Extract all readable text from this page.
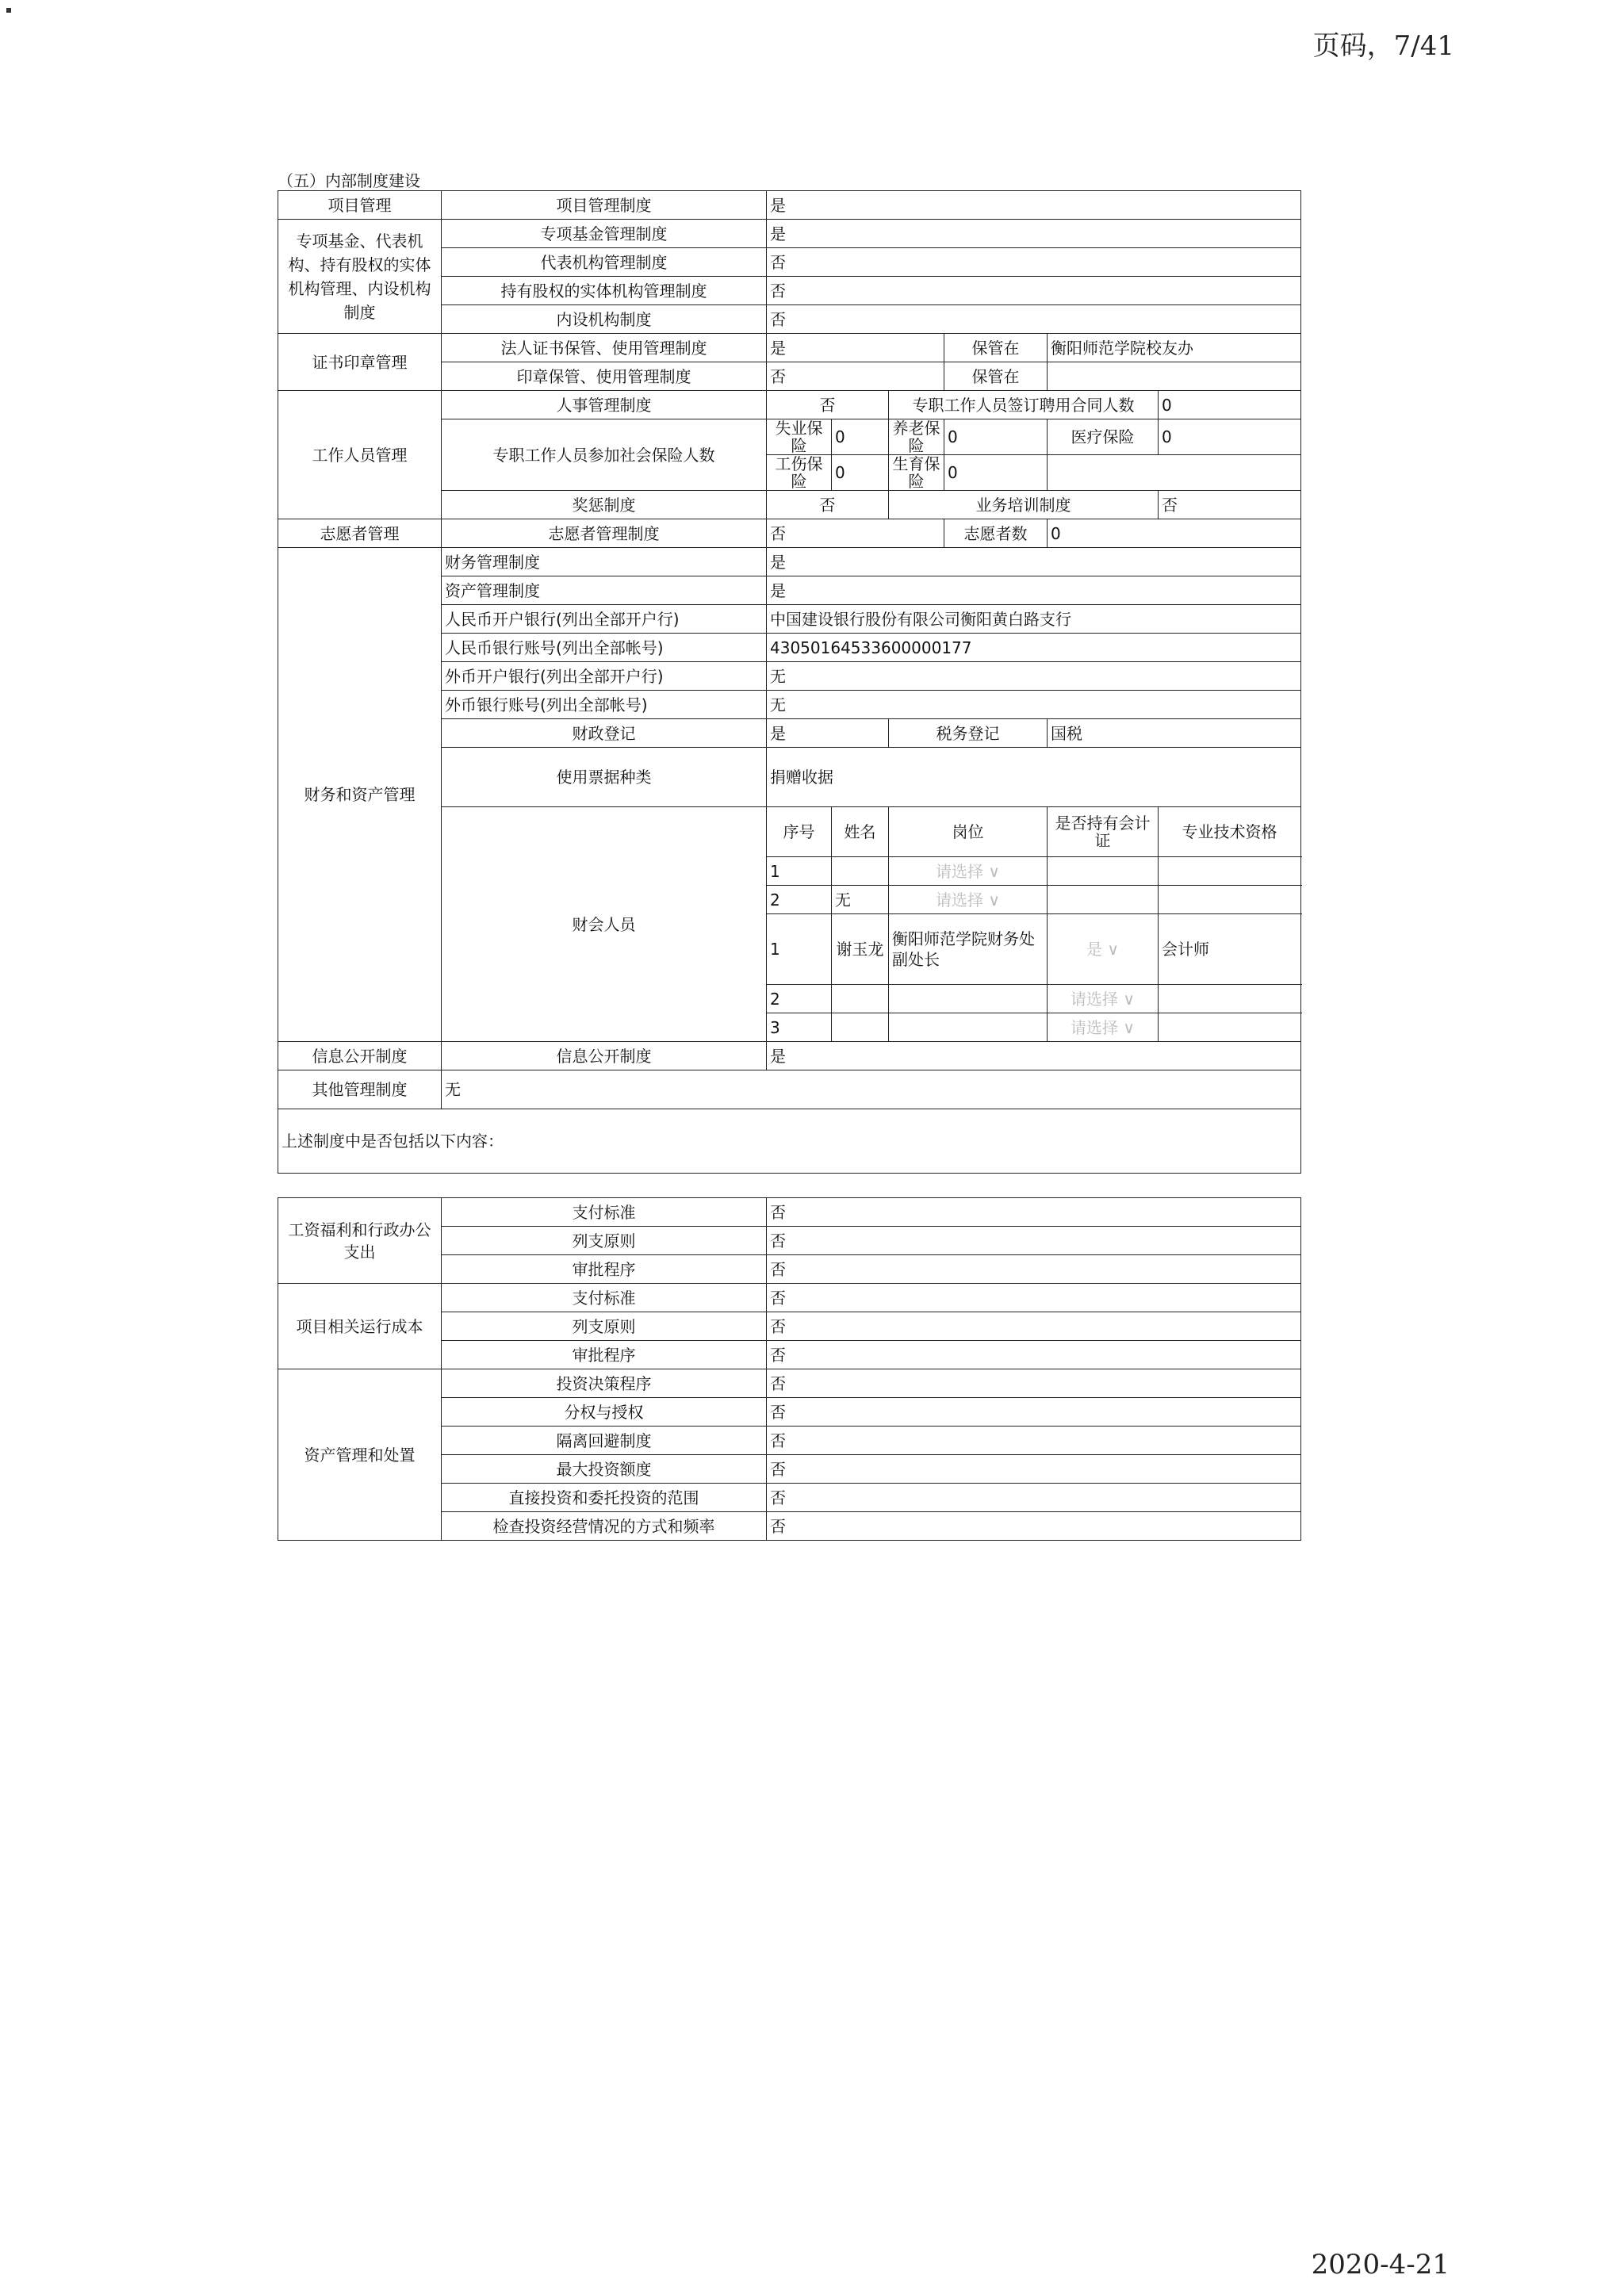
页码，7/41
（五）内部制度建设
项目管理	项目管理制度	是					
专项基金、代表机构、持有股权的实体机构管理、内设机构制度	专项基金管理制度	是					
	代表机构管理制度	否					
	持有股权的实体机构管理制度	否					
	内设机构制度	否					
证书印章管理	法人证书保管、使用管理制度	是			保管在	衡阳师范学院校友办	
	印章保管、使用管理制度	否			保管在		
工作人员管理	人事管理制度	否		专职工作人员签订聘用合同人数			0
	专职工作人员参加社会保险人数	失业保险	0	养老保险	0	医疗保险	0
		工伤保险	0	生育保险	0		
	奖惩制度	否		业务培训制度			否
志愿者管理	志愿者管理制度	否			志愿者数	0	
财务和资产管理	财务管理制度	是					
	资产管理制度	是					
	人民币开户银行(列出全部开户行)	中国建设银行股份有限公司衡阳黄白路支行					
	人民币银行账号(列出全部帐号)	43050164533600000177					
	外币开户银行(列出全部开户行)	无					
	外币银行账号(列出全部帐号)	无					
	财政登记	是		税务登记		国税	
	使用票据种类	捐赠收据					
	财会人员	序号	姓名	岗位		是否持有会计证	专业技术资格
		1		请选择 ∨			
		2	无	请选择 ∨			
		1	谢玉龙	衡阳师范学院财务处副处长		是 ∨	会计师
		2				请选择 ∨	
		3				请选择 ∨	
信息公开制度	信息公开制度	是					
其他管理制度	无						
上述制度中是否包括以下内容：							

工资福利和行政办公支出	支付标准	否					
	列支原则	否					
	审批程序	否					
项目相关运行成本	支付标准	否					
	列支原则	否					
	审批程序	否					
资产管理和处置	投资决策程序	否					
	分权与授权	否					
	隔离回避制度	否					
	最大投资额度	否					
	直接投资和委托投资的范围	否					
	检查投资经营情况的方式和频率	否					
2020-4-21
